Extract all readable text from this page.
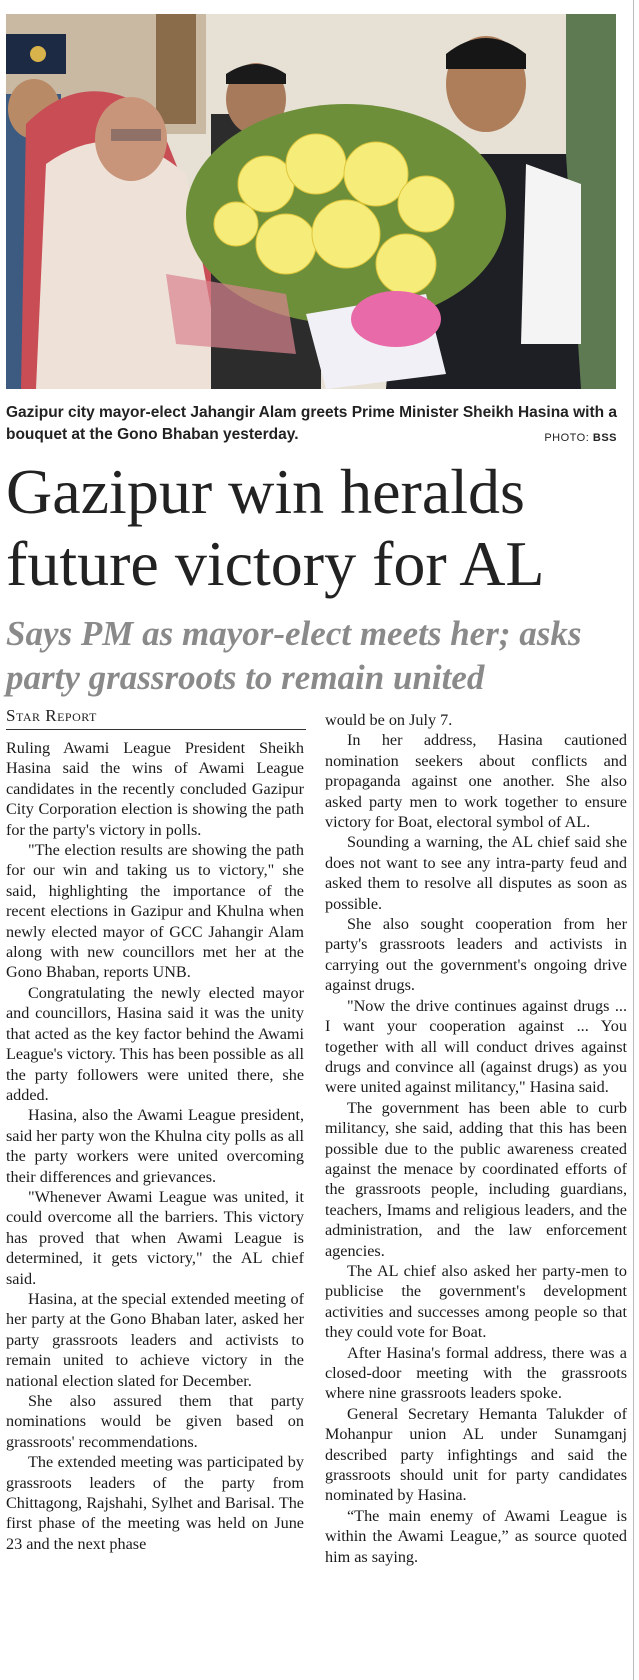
Gazipur city mayor-elect Jahangir Alam greets Prime Minister Sheikh Hasina with a bouquet at the Gono Bhaban yesterday.	PHOTO: BSS
Gazipur win heralds future victory for AL
Says PM as mayor-elect meets her; asks party grassroots to remain united
Star Report

Ruling Awami League President Sheikh Hasina said the wins of Awami League candidates in the recently concluded Gazipur City Corporation election is showing the path for the party's victory in polls.

"The election results are showing the path for our win and taking us to victory," she said, highlighting the importance of the recent elections in Gazipur and Khulna when newly elected mayor of GCC Jahangir Alam along with new councillors met her at the Gono Bhaban, reports UNB.

Congratulating the newly elected mayor and councillors, Hasina said it was the unity that acted as the key factor behind the Awami League's victory. This has been possible as all the party followers were united there, she added.

Hasina, also the Awami League president, said her party won the Khulna city polls as all the party workers were united overcoming their differences and grievances.

"Whenever Awami League was united, it could overcome all the barriers. This victory has proved that when Awami League is determined, it gets victory," the AL chief said.

Hasina, at the special extended meeting of her party at the Gono Bhaban later, asked her party grassroots leaders and activists to remain united to achieve victory in the national election slated for December.

She also assured them that party nominations would be given based on grassroots' recommendations.

The extended meeting was participated by grassroots leaders of the party from Chittagong, Rajshahi, Sylhet and Barisal. The first phase of the meeting was held on June 23 and the next phase

would be on July 7.

In her address, Hasina cautioned nomination seekers about conflicts and propaganda against one another. She also asked party men to work together to ensure victory for Boat, electoral symbol of AL.

Sounding a warning, the AL chief said she does not want to see any intra-party feud and asked them to resolve all disputes as soon as possible.

She also sought cooperation from her party's grassroots leaders and activists in carrying out the government's ongoing drive against drugs.

"Now the drive continues against drugs ... I want your cooperation against ... You together with all will conduct drives against drugs and convince all (against drugs) as you were united against militancy," Hasina said.

The government has been able to curb militancy, she said, adding that this has been possible due to the public awareness created against the menace by coordinated efforts of the grassroots people, including guardians, teachers, Imams and religious leaders, and the administration, and the law enforcement agencies.

The AL chief also asked her party-men to publicise the government's development activities and successes among people so that they could vote for Boat.

After Hasina's formal address, there was a closed-door meeting with the grassroots where nine grassroots leaders spoke.

General Secretary Hemanta Talukder of Mohanpur union AL under Sunamganj described party infightings and said the grassroots should unit for party candidates nominated by Hasina.

“The main enemy of Awami League is within the Awami League,” as source quoted him as saying.
